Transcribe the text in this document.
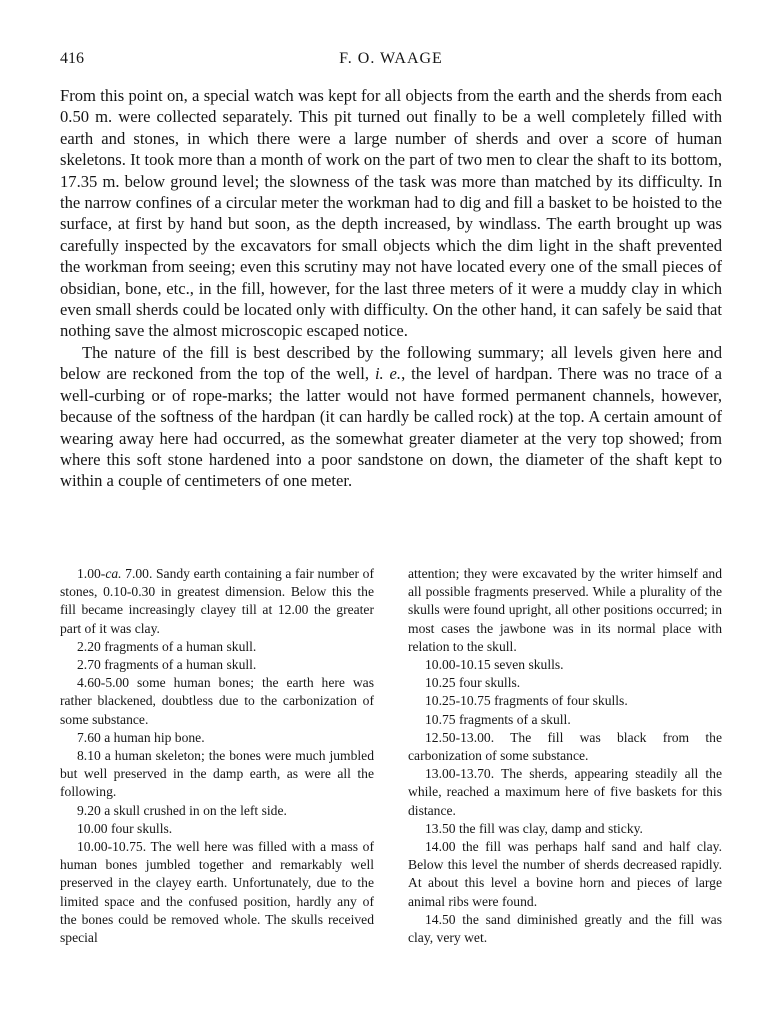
416	F. O. WAAGE

From this point on, a special watch was kept for all objects from the earth and the sherds from each 0.50 m. were collected separately. This pit turned out finally to be a well completely filled with earth and stones, in which there were a large number of sherds and over a score of human skeletons. It took more than a month of work on the part of two men to clear the shaft to its bottom, 17.35 m. below ground level; the slowness of the task was more than matched by its difficulty. In the narrow confines of a circular meter the workman had to dig and fill a basket to be hoisted to the surface, at first by hand but soon, as the depth increased, by windlass. The earth brought up was carefully inspected by the excavators for small objects which the dim light in the shaft prevented the workman from seeing; even this scrutiny may not have located every one of the small pieces of obsidian, bone, etc., in the fill, however, for the last three meters of it were a muddy clay in which even small sherds could be located only with difficulty. On the other hand, it can safely be said that nothing save the almost microscopic escaped notice.

The nature of the fill is best described by the following summary; all levels given here and below are reckoned from the top of the well, i. e., the level of hardpan. There was no trace of a well-curbing or of rope-marks; the latter would not have formed permanent channels, however, because of the softness of the hardpan (it can hardly be called rock) at the top. A certain amount of wearing away here had occurred, as the somewhat greater diameter at the very top showed; from where this soft stone hardened into a poor sandstone on down, the diameter of the shaft kept to within a couple of centimeters of one meter.

1.00-ca. 7.00. Sandy earth containing a fair number of stones, 0.10-0.30 in greatest dimension. Below this the fill became increasingly clayey till at 12.00 the greater part of it was clay.

2.20 fragments of a human skull.

2.70 fragments of a human skull.

4.60-5.00 some human bones; the earth here was rather blackened, doubtless due to the carbonization of some substance.

7.60 a human hip bone.

8.10 a human skeleton; the bones were much jumbled but well preserved in the damp earth, as were all the following.

9.20 a skull crushed in on the left side.

10.00 four skulls.

10.00-10.75. The well here was filled with a mass of human bones jumbled together and remarkably well preserved in the clayey earth. Unfortunately, due to the limited space and the confused position, hardly any of the bones could be removed whole. The skulls received special

attention; they were excavated by the writer himself and all possible fragments preserved. While a plurality of the skulls were found upright, all other positions occurred; in most cases the jawbone was in its normal place with relation to the skull.

10.00-10.15 seven skulls.

10.25 four skulls.

10.25-10.75 fragments of four skulls.

10.75 fragments of a skull.

12.50-13.00. The fill was black from the carbonization of some substance.

13.00-13.70. The sherds, appearing steadily all the while, reached a maximum here of five baskets for this distance.

13.50 the fill was clay, damp and sticky.

14.00 the fill was perhaps half sand and half clay. Below this level the number of sherds decreased rapidly. At about this level a bovine horn and pieces of large animal ribs were found.

14.50 the sand diminished greatly and the fill was clay, very wet.
